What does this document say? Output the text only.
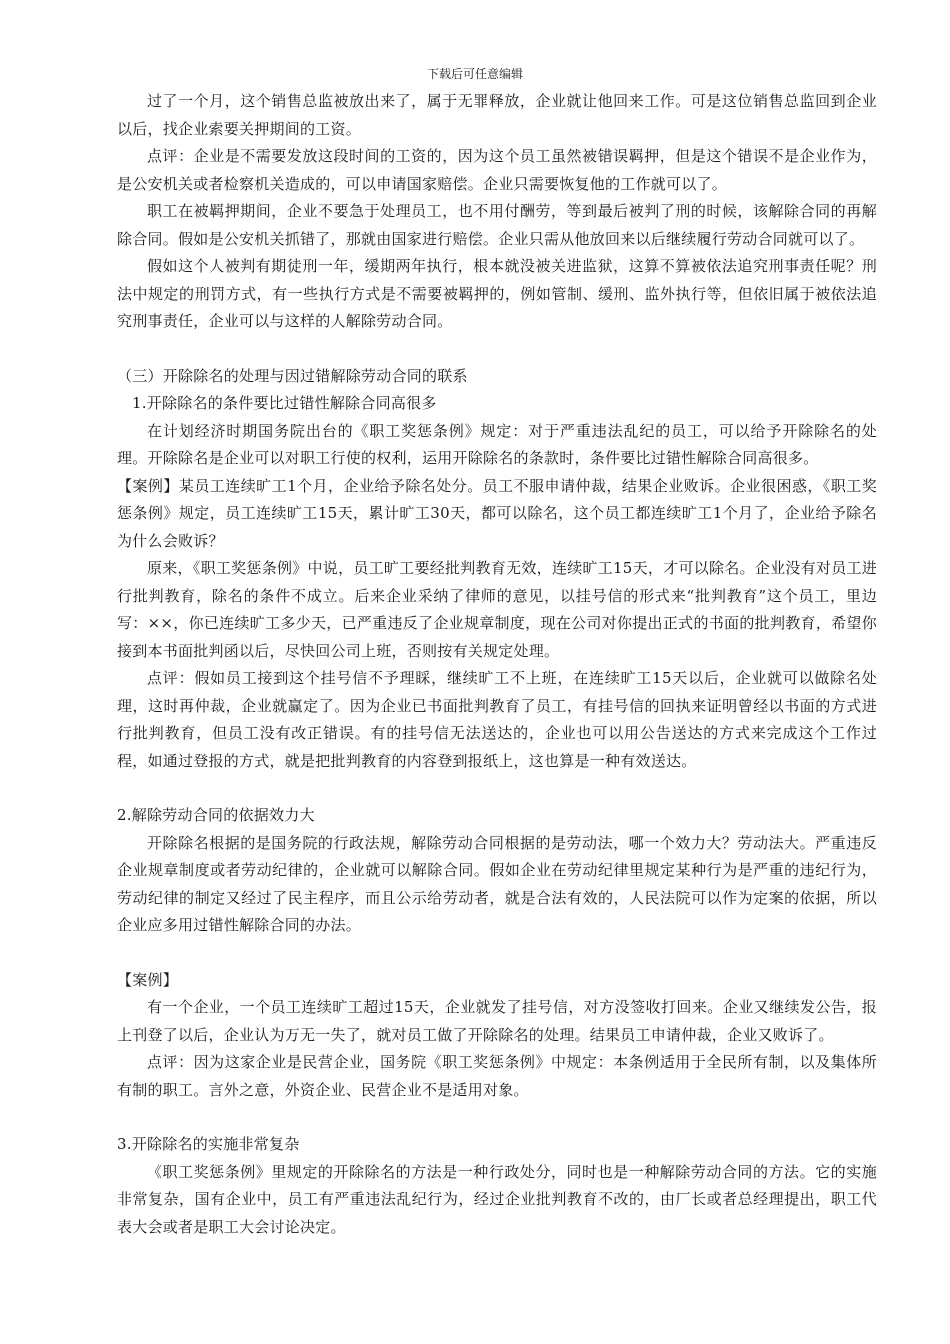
下载后可任意编辑

过了一个月，这个销售总监被放出来了，属于无罪释放，企业就让他回来工作。可是这位销售总监回到企业以后，找企业索要关押期间的工资。

点评：企业是不需要发放这段时间的工资的，因为这个员工虽然被错误羁押，但是这个错误不是企业作为，是公安机关或者检察机关造成的，可以申请国家赔偿。企业只需要恢复他的工作就可以了。

职工在被羁押期间，企业不要急于处理员工，也不用付酬劳，等到最后被判了刑的时候，该解除合同的再解除合同。假如是公安机关抓错了，那就由国家进行赔偿。企业只需从他放回来以后继续履行劳动合同就可以了。

假如这个人被判有期徒刑一年，缓期两年执行，根本就没被关进监狱，这算不算被依法追究刑事责任呢？刑法中规定的刑罚方式，有一些执行方式是不需要被羁押的，例如管制、缓刑、监外执行等，但依旧属于被依法追究刑事责任，企业可以与这样的人解除劳动合同。

（三）开除除名的处理与因过错解除劳动合同的联系

1.开除除名的条件要比过错性解除合同高很多

在计划经济时期国务院出台的《职工奖惩条例》规定：对于严重违法乱纪的员工，可以给予开除除名的处理。开除除名是企业可以对职工行使的权利，运用开除除名的条款时，条件要比过错性解除合同高很多。

【案例】某员工连续旷工1个月，企业给予除名处分。员工不服申请仲裁，结果企业败诉。企业很困惑，《职工奖惩条例》规定，员工连续旷工15天，累计旷工30天，都可以除名，这个员工都连续旷工1个月了，企业给予除名为什么会败诉？

原来，《职工奖惩条例》中说，员工旷工要经批判教育无效，连续旷工15天，才可以除名。企业没有对员工进行批判教育，除名的条件不成立。后来企业采纳了律师的意见，以挂号信的形式来“批判教育”这个员工，里边写：××，你已连续旷工多少天，已严重违反了企业规章制度，现在公司对你提出正式的书面的批判教育，希望你接到本书面批判函以后，尽快回公司上班，否则按有关规定处理。

点评：假如员工接到这个挂号信不予理睬，继续旷工不上班，在连续旷工15天以后，企业就可以做除名处理，这时再仲裁，企业就赢定了。因为企业已书面批判教育了员工，有挂号信的回执来证明曾经以书面的方式进行批判教育，但员工没有改正错误。有的挂号信无法送达的，企业也可以用公告送达的方式来完成这个工作过程，如通过登报的方式，就是把批判教育的内容登到报纸上，这也算是一种有效送达。

2.解除劳动合同的依据效力大

开除除名根据的是国务院的行政法规，解除劳动合同根据的是劳动法，哪一个效力大？劳动法大。严重违反企业规章制度或者劳动纪律的，企业就可以解除合同。假如企业在劳动纪律里规定某种行为是严重的违纪行为，劳动纪律的制定又经过了民主程序，而且公示给劳动者，就是合法有效的，人民法院可以作为定案的依据，所以企业应多用过错性解除合同的办法。

【案例】

有一个企业，一个员工连续旷工超过15天，企业就发了挂号信，对方没签收打回来。企业又继续发公告，报上刊登了以后，企业认为万无一失了，就对员工做了开除除名的处理。结果员工申请仲裁，企业又败诉了。

点评：因为这家企业是民营企业，国务院《职工奖惩条例》中规定：本条例适用于全民所有制，以及集体所有制的职工。言外之意，外资企业、民营企业不是适用对象。

3.开除除名的实施非常复杂

《职工奖惩条例》里规定的开除除名的方法是一种行政处分，同时也是一种解除劳动合同的方法。它的实施非常复杂，国有企业中，员工有严重违法乱纪行为，经过企业批判教育不改的，由厂长或者总经理提出，职工代表大会或者是职工大会讨论决定。
